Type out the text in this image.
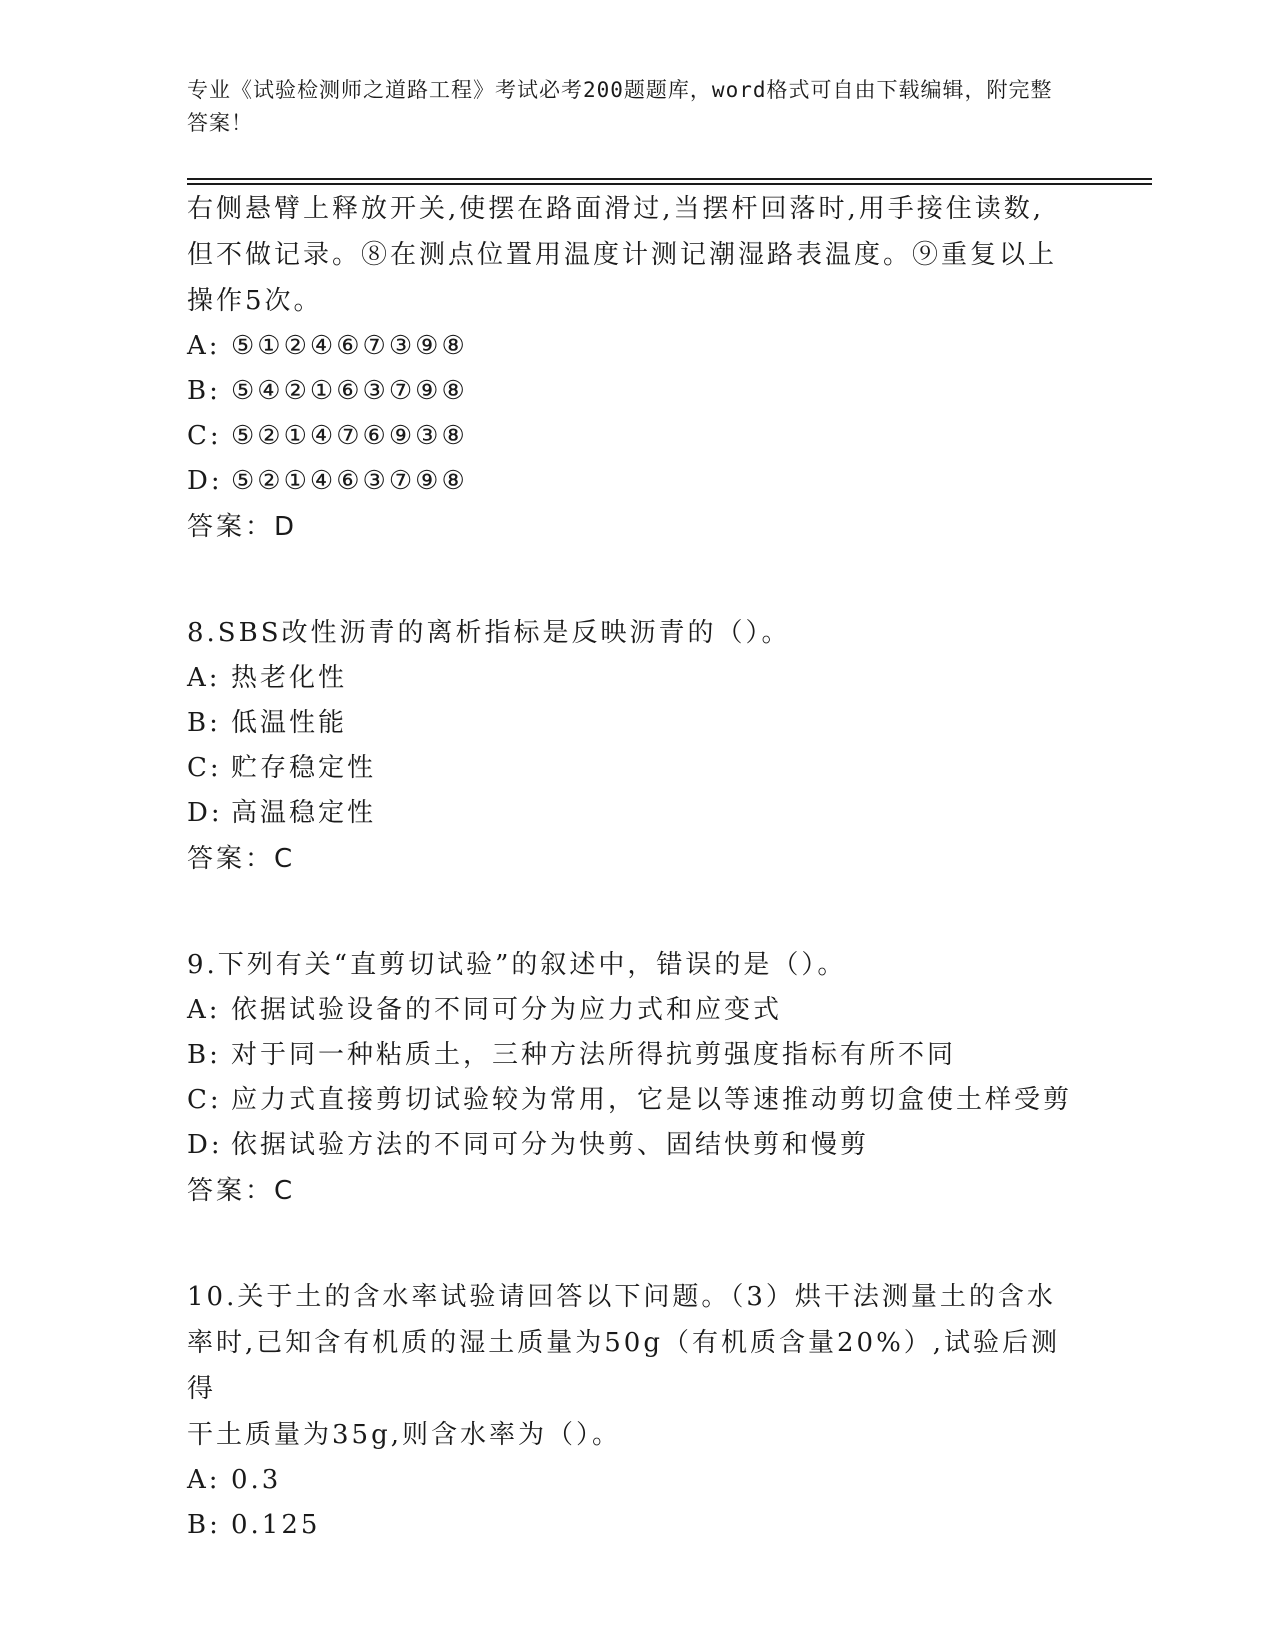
专业《试验检测师之道路工程》考试必考200题题库，word格式可自由下载编辑，附完整答案！

右侧悬臂上释放开关,使摆在路面滑过,当摆杆回落时,用手接住读数,

但不做记录。⑧在测点位置用温度计测记潮湿路表温度。⑨重复以上

操作5次。

A: ⑤①②④⑥⑦③⑨⑧

B: ⑤④②①⑥③⑦⑨⑧

C: ⑤②①④⑦⑥⑨③⑧

D: ⑤②①④⑥③⑦⑨⑧

答案：D

8.SBS改性沥青的离析指标是反映沥青的（）。

A: 热老化性

B: 低温性能

C: 贮存稳定性

D: 高温稳定性

答案：C

9.下列有关“直剪切试验”的叙述中，错误的是（）。

A: 依据试验设备的不同可分为应力式和应变式

B: 对于同一种粘质土，三种方法所得抗剪强度指标有所不同

C: 应力式直接剪切试验较为常用，它是以等速推动剪切盒使土样受剪

D: 依据试验方法的不同可分为快剪、固结快剪和慢剪

答案：C

10.关于土的含水率试验请回答以下问题。（3）烘干法测量土的含水

率时,已知含有机质的湿土质量为50g（有机质含量20%）,试验后测得

干土质量为35g,则含水率为（）。

A: 0.3

B: 0.125
